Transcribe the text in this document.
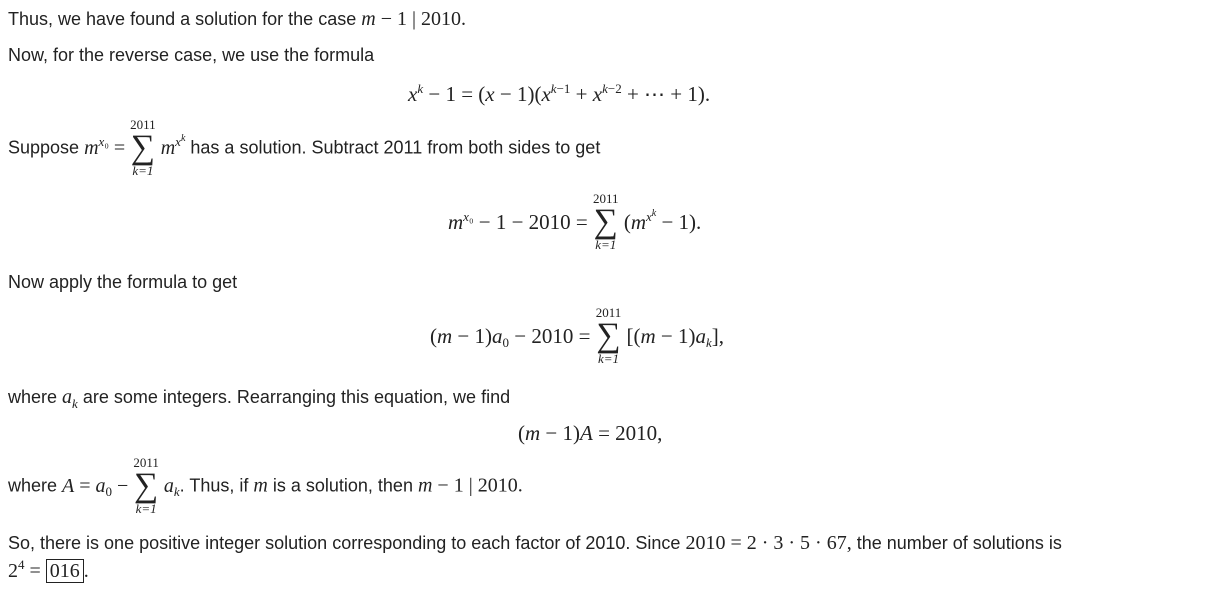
Thus, we have found a solution for the case m − 1 | 2010.
Now, for the reverse case, we use the formula
$x^k - 1 = (x - 1)(x^{k-1} + x^{k-2}$ + ⋯ + 1).
Suppose $m^{x_0}$ =
2011
∑
k=1
$m^{x^k}$ has a solution. Subtract 2011 from both sides to get
$m^{x_0} - 1 - 2010$ =
2011
∑
k=1
$(m^{x^k} - 1)$.
Now apply the formula to get
$(m - 1)a_0 - 2010$ =
2011
∑
k=1
$[(m - 1)a_k]$,
where $a_k$ are some integers. Rearranging this equation, we find
(m − 1)A = 2010,
where $A = a_0$ −
2011
∑
k=1
$a_k$. Thus, if m is a solution, then m − 1 | 2010.
So, there is one positive integer solution corresponding to each factor of 2010. Since 2010 = 2 · 3 · 5 · 67, the number of solutions is
$2^4 = 016$ .
